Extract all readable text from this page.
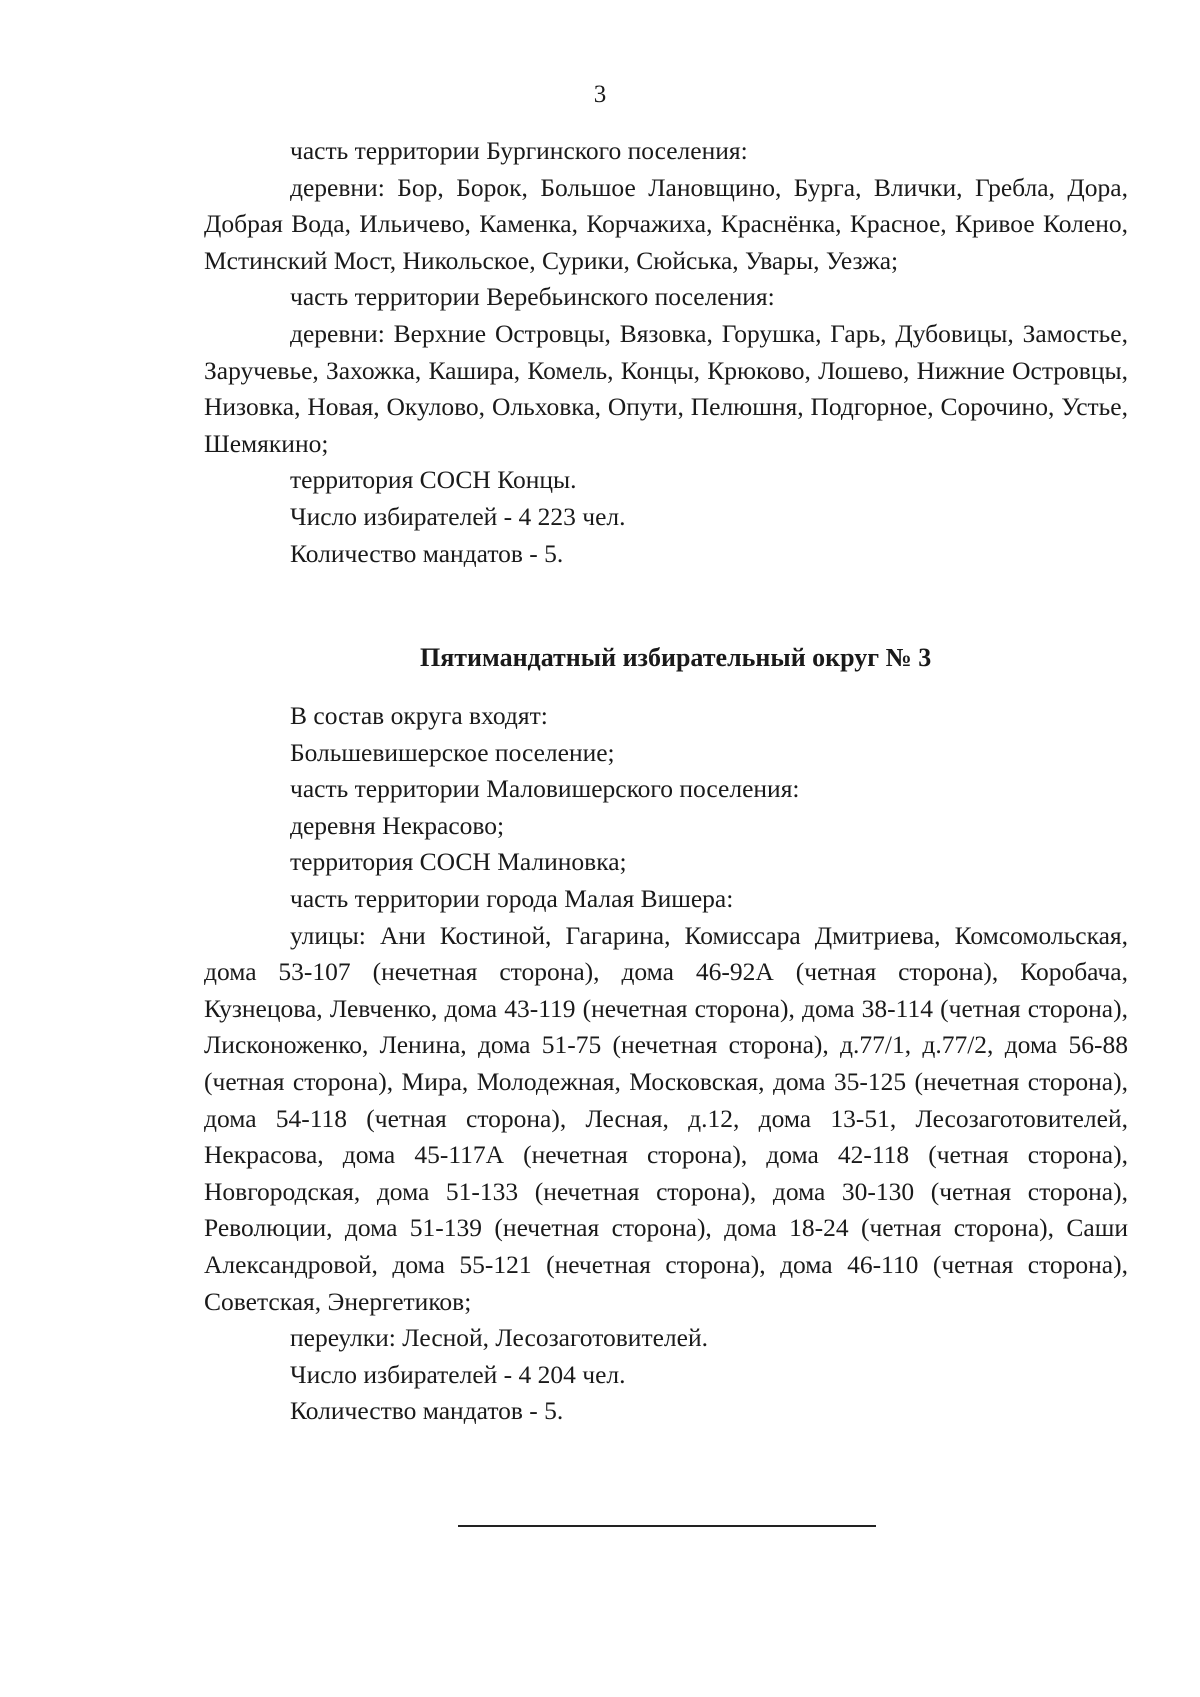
3

часть территории Бургинского поселения:

деревни: Бор, Борок, Большое Лановщино, Бурга, Влички, Гребла, Дора, Добрая Вода, Ильичево, Каменка, Корчажиха, Краснёнка, Красное, Кривое Колено, Мстинский Мост, Никольское, Сурики, Сюйська, Увары, Уезжа;

часть территории Веребьинского поселения:

деревни: Верхние Островцы, Вязовка, Горушка, Гарь, Дубовицы, Замостье, Заручевье, Захожка, Кашира, Комель, Концы, Крюково, Лошево, Нижние Островцы, Низовка, Новая, Окулово, Ольховка, Опути, Пелюшня, Подгорное, Сорочино, Устье, Шемякино;

территория СОСН Концы.

Число избирателей - 4 223 чел.

Количество мандатов - 5.

Пятимандатный избирательный округ № 3

В состав округа входят:

Большевишерское поселение;

часть территории Маловишерского поселения:

деревня Некрасово;

территория СОСН Малиновка;

часть территории города Малая Вишера:

улицы: Ани Костиной, Гагарина, Комиссара Дмитриева, Комсомольская, дома 53-107 (нечетная сторона), дома 46-92А (четная сторона), Коробача, Кузнецова, Левченко, дома 43-119 (нечетная сторона), дома 38-114 (четная сторона), Лисконоженко, Ленина, дома 51-75 (нечетная сторона), д.77/1, д.77/2, дома 56-88 (четная сторона), Мира, Молодежная, Московская, дома 35-125 (нечетная сторона), дома 54-118 (четная сторона), Лесная, д.12, дома 13-51, Лесозаготовителей, Некрасова, дома 45-117А (нечетная сторона), дома 42-118 (четная сторона), Новгородская, дома 51-133 (нечетная сторона), дома 30-130 (четная сторона), Революции, дома 51-139 (нечетная сторона), дома 18-24 (четная сторона), Саши Александровой, дома 55-121 (нечетная сторона), дома 46-110 (четная сторона), Советская, Энергетиков;

переулки: Лесной, Лесозаготовителей.

Число избирателей - 4 204 чел.

Количество мандатов - 5.
